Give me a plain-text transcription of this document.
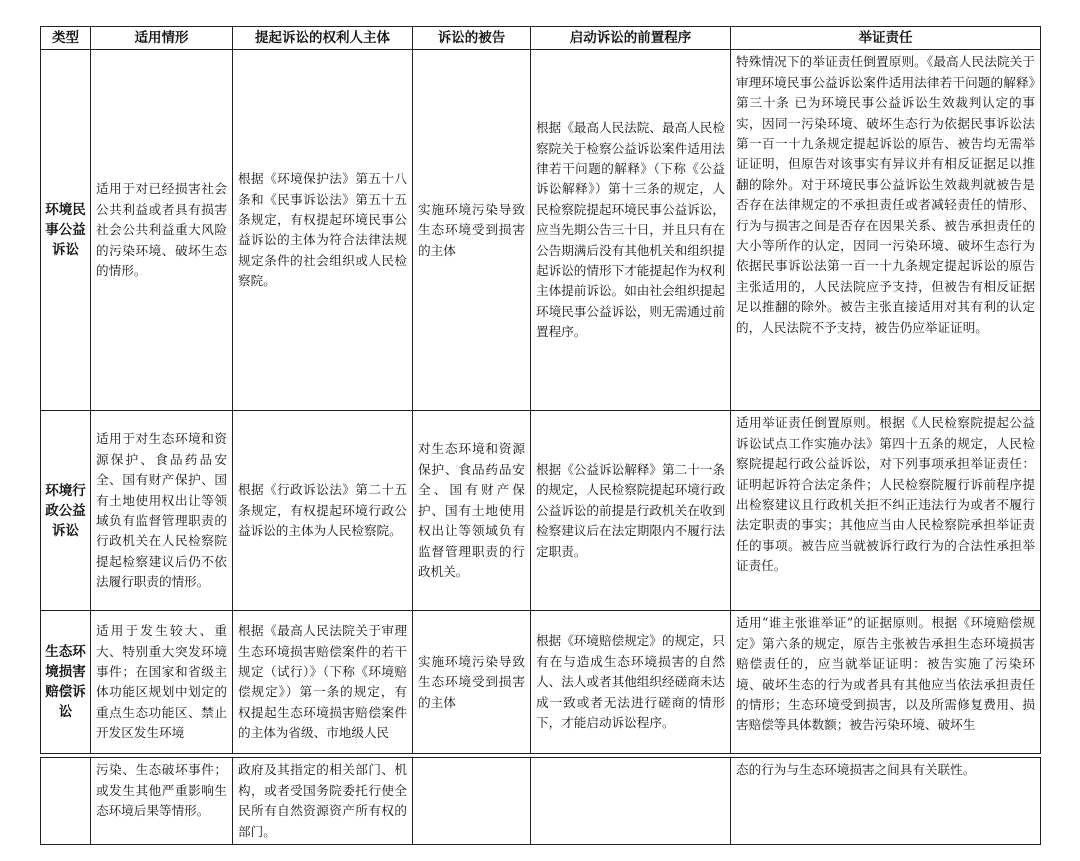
类型	适用情形	提起诉讼的权利人主体	诉讼的被告	启动诉讼的前置程序	举证责任
环境民事公益诉讼	适用于对已经损害社会公共利益或者具有损害社会公共利益重大风险的污染环境、破坏生态的情形。	根据《环境保护法》第五十八条和《民事诉讼法》第五十五条规定，有权提起环境民事公益诉讼的主体为符合法律法规规定条件的社会组织或人民检察院。	实施环境污染导致生态环境受到损害的主体	根据《最高人民法院、最高人民检察院关于检察公益诉讼案件适用法律若干问题的解释》（下称《公益诉讼解释》）第十三条的规定，人民检察院提起环境民事公益诉讼，应当先期公告三十日，并且只有在公告期满后没有其他机关和组织提起诉讼的情形下才能提起作为权利主体提前诉讼。如由社会组织提起环境民事公益诉讼，则无需通过前置程序。	特殊情况下的举证责任倒置原则。《最高人民法院关于审理环境民事公益诉讼案件适用法律若干问题的解释》第三十条 已为环境民事公益诉讼生效裁判认定的事实，因同一污染环境、破坏生态行为依据民事诉讼法第一百一十九条规定提起诉讼的原告、被告均无需举证证明，但原告对该事实有异议并有相反证据足以推翻的除外。对于环境民事公益诉讼生效裁判就被告是否存在法律规定的不承担责任或者减轻责任的情形、行为与损害之间是否存在因果关系、被告承担责任的大小等所作的认定，因同一污染环境、破坏生态行为依据民事诉讼法第一百一十九条规定提起诉讼的原告主张适用的，人民法院应予支持，但被告有相反证据足以推翻的除外。被告主张直接适用对其有利的认定的，人民法院不予支持，被告仍应举证证明。
环境行政公益诉讼	适用于对生态环境和资源保护、食品药品安全、国有财产保护、国有土地使用权出让等领域负有监督管理职责的行政机关在人民检察院提起检察建议后仍不依法履行职责的情形。	根据《行政诉讼法》第二十五条规定，有权提起环境行政公益诉讼的主体为人民检察院。	对生态环境和资源保护、食品药品安全、国有财产保护、国有土地使用权出让等领域负有监督管理职责的行政机关。	根据《公益诉讼解释》第二十一条的规定，人民检察院提起环境行政公益诉讼的前提是行政机关在收到检察建议后在法定期限内不履行法定职责。	适用举证责任倒置原则。根据《人民检察院提起公益诉讼试点工作实施办法》第四十五条的规定，人民检察院提起行政公益诉讼，对下列事项承担举证责任：证明起诉符合法定条件；人民检察院履行诉前程序提出检察建议且行政机关拒不纠正违法行为或者不履行法定职责的事实；其他应当由人民检察院承担举证责任的事项。被告应当就被诉行政行为的合法性承担举证责任。
生态环境损害赔偿诉讼	适用于发生较大、重大、特别重大突发环境事件；在国家和省级主体功能区规划中划定的重点生态功能区、禁止开发区发生环境	根据《最高人民法院关于审理生态环境损害赔偿案件的若干规定（试行）》（下称《环境赔偿规定》）第一条的规定，有权提起生态环境损害赔偿案件的主体为省级、市地级人民	实施环境污染导致生态环境受到损害的主体	根据《环境赔偿规定》的规定，只有在与造成生态环境损害的自然人、法人或者其他组织经磋商未达成一致或者无法进行磋商的情形下，才能启动诉讼程序。	适用“谁主张谁举证”的证据原则。根据《环境赔偿规定》第六条的规定，原告主张被告承担生态环境损害赔偿责任的，应当就举证证明：被告实施了污染环境、破坏生态的行为或者具有其他应当依法承担责任的情形；生态环境受到损害，以及所需修复费用、损害赔偿等具体数额；被告污染环境、破坏生

	污染、生态破坏事件；或发生其他严重影响生态环境后果等情形。	政府及其指定的相关部门、机构，或者受国务院委托行使全民所有自然资源资产所有权的部门。			态的行为与生态环境损害之间具有关联性。
